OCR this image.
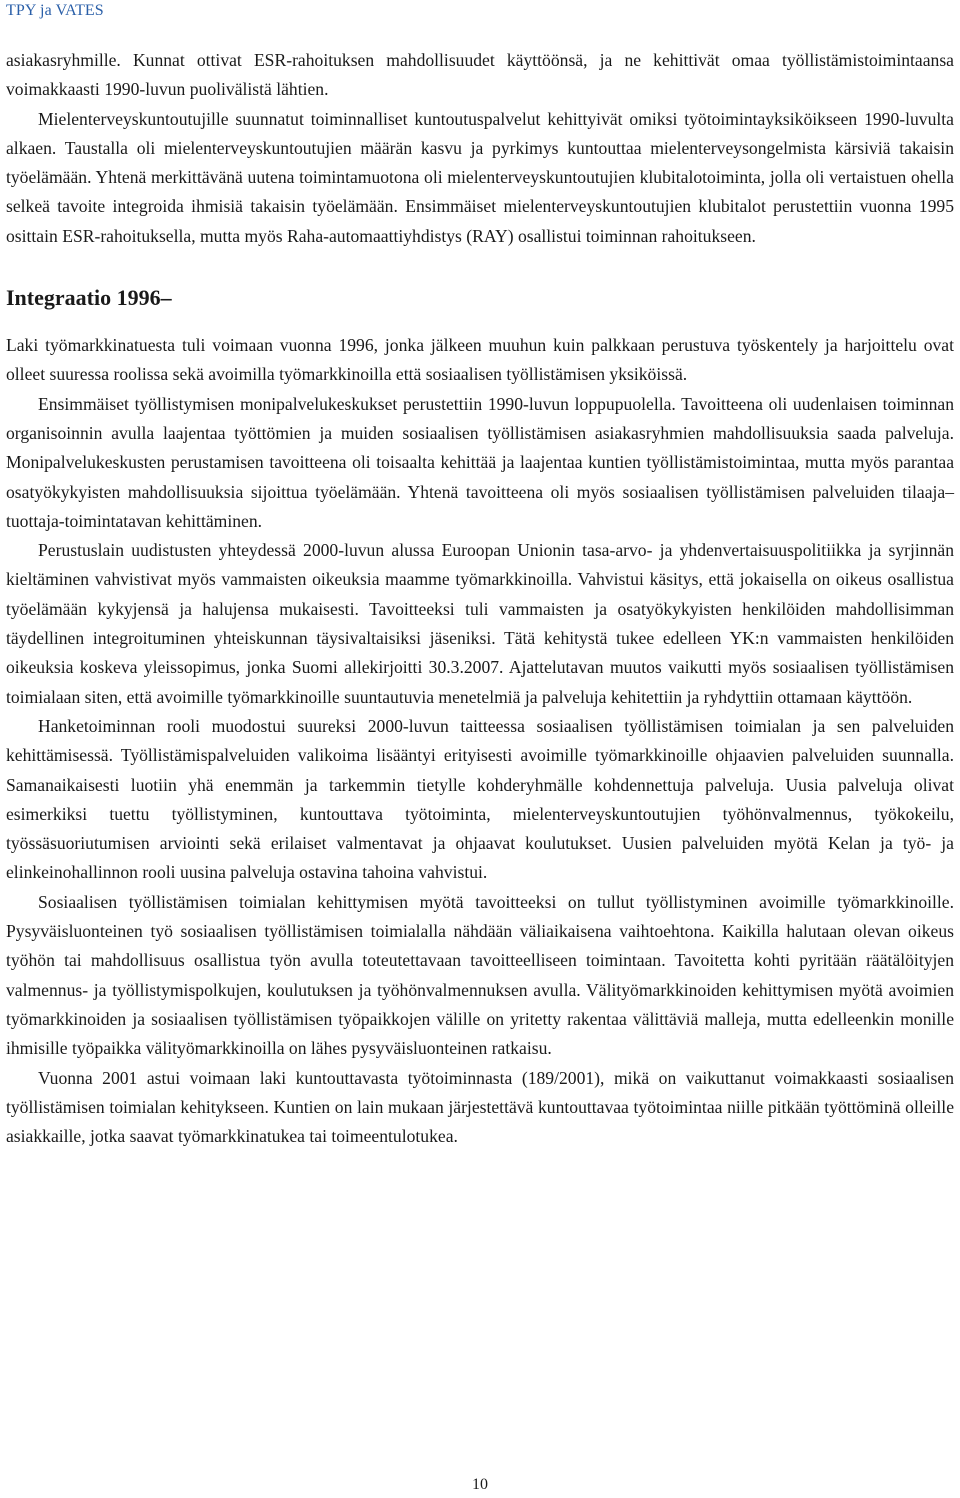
TPY ja VATES

asiakasryhmille. Kunnat ottivat ESR-rahoituksen mahdollisuudet käyttöönsä, ja ne kehittivät omaa työllistämistoimintaansa voimakkaasti 1990-luvun puolivälistä lähtien.

Mielenterveyskuntoutujille suunnatut toiminnalliset kuntoutuspalvelut kehittyivät omiksi työtoimintayksiköikseen 1990-luvulta alkaen. Taustalla oli mielenterveyskuntoutujien määrän kasvu ja pyrkimys kuntouttaa mielenterveysongelmista kärsiviä takaisin työelämään. Yhtenä merkittävänä uutena toimintamuotona oli mielenterveyskuntoutujien klubitalotoiminta, jolla oli vertaistuen ohella selkeä tavoite integroida ihmisiä takaisin työelämään. Ensimmäiset mielenterveyskuntoutujien klubitalot perustettiin vuonna 1995 osittain ESR-rahoituksella, mutta myös Raha-automaattiyhdistys (RAY) osallistui toiminnan rahoitukseen.

Integraatio 1996–

Laki työmarkkinatuesta tuli voimaan vuonna 1996, jonka jälkeen muuhun kuin palkkaan perustuva työskentely ja harjoittelu ovat olleet suuressa roolissa sekä avoimilla työmarkkinoilla että sosiaalisen työllistämisen yksiköissä.

Ensimmäiset työllistymisen monipalvelukeskukset perustettiin 1990-luvun loppupuolella. Tavoitteena oli uudenlaisen toiminnan organisoinnin avulla laajentaa työttömien ja muiden sosiaalisen työllistämisen asiakasryhmien mahdollisuuksia saada palveluja. Monipalvelukeskusten perustamisen tavoitteena oli toisaalta kehittää ja laajentaa kuntien työllistämistoimintaa, mutta myös parantaa osatyökykyisten mahdollisuuksia sijoittua työelämään. Yhtenä tavoitteena oli myös sosiaalisen työllistämisen palveluiden tilaaja–tuottaja-toimintatavan kehittäminen.

Perustuslain uudistusten yhteydessä 2000-luvun alussa Euroopan Unionin tasa-arvo- ja yhdenvertaisuuspolitiikka ja syrjinnän kieltäminen vahvistivat myös vammaisten oikeuksia maamme työmarkkinoilla. Vahvistui käsitys, että jokaisella on oikeus osallistua työelämään kykyjensä ja halujensa mukaisesti. Tavoitteeksi tuli vammaisten ja osatyökykyisten henkilöiden mahdollisimman täydellinen integroituminen yhteiskunnan täysivaltaisiksi jäseniksi. Tätä kehitystä tukee edelleen YK:n vammaisten henkilöiden oikeuksia koskeva yleissopimus, jonka Suomi allekirjoitti 30.3.2007. Ajattelutavan muutos vaikutti myös sosiaalisen työllistämisen toimialaan siten, että avoimille työmarkkinoille suuntautuvia menetelmiä ja palveluja kehitettiin ja ryhdyttiin ottamaan käyttöön.

Hanketoiminnan rooli muodostui suureksi 2000-luvun taitteessa sosiaalisen työllistämisen toimialan ja sen palveluiden kehittämisessä. Työllistämispalveluiden valikoima lisääntyi erityisesti avoimille työmarkkinoille ohjaavien palveluiden suunnalla. Samanaikaisesti luotiin yhä enemmän ja tarkemmin tietylle kohderyhmälle kohdennettuja palveluja. Uusia palveluja olivat esimerkiksi tuettu työllistyminen, kuntouttava työtoiminta, mielenterveyskuntoutujien työhönvalmennus, työkokeilu, työssäsuoriutumisen arviointi sekä erilaiset valmentavat ja ohjaavat koulutukset. Uusien palveluiden myötä Kelan ja työ- ja elinkeinohallinnon rooli uusina palveluja ostavina tahoina vahvistui.

Sosiaalisen työllistämisen toimialan kehittymisen myötä tavoitteeksi on tullut työllistyminen avoimille työmarkkinoille. Pysyväisluonteinen työ sosiaalisen työllistämisen toimialalla nähdään väliaikaisena vaihtoehtona. Kaikilla halutaan olevan oikeus työhön tai mahdollisuus osallistua työn avulla toteutettavaan tavoitteelliseen toimintaan. Tavoitetta kohti pyritään räätälöityjen valmennus- ja työllistymispolkujen, koulutuksen ja työhönvalmennuksen avulla. Välityömarkkinoiden kehittymisen myötä avoimien työmarkkinoiden ja sosiaalisen työllistämisen työpaikkojen välille on yritetty rakentaa välittäviä malleja, mutta edelleenkin monille ihmisille työpaikka välityömarkkinoilla on lähes pysyväisluonteinen ratkaisu.

Vuonna 2001 astui voimaan laki kuntouttavasta työtoiminnasta (189/2001), mikä on vaikuttanut voimakkaasti sosiaalisen työllistämisen toimialan kehitykseen. Kuntien on lain mukaan järjestettävä kuntouttavaa työtoimintaa niille pitkään työttöminä olleille asiakkaille, jotka saavat työmarkkinatukea tai toimeentulotukea.

10
